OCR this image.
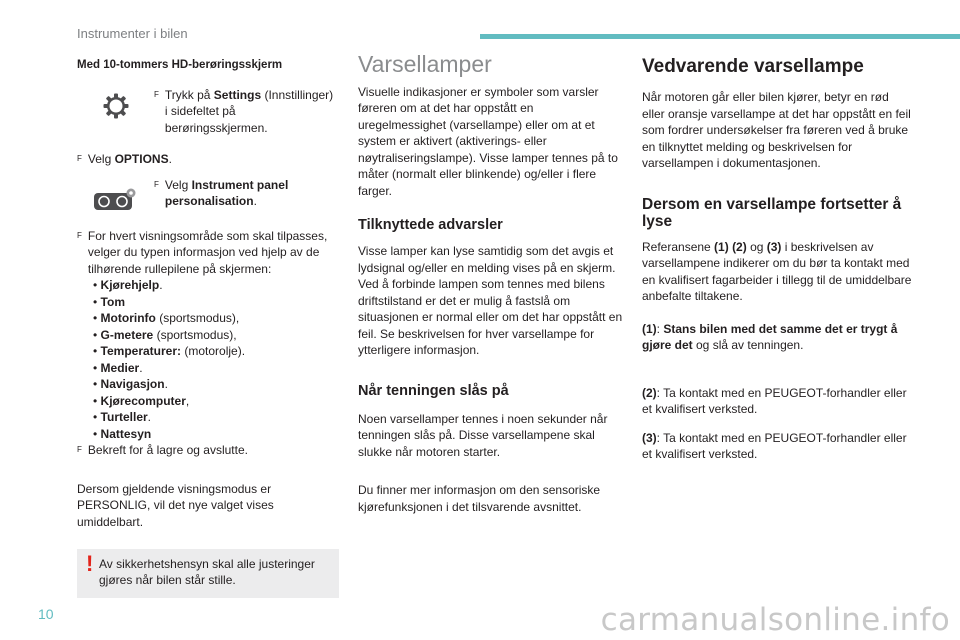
Instrumenter i bilen
Med 10-tommers HD-berøringsskjerm
F Trykk på Settings (Innstillinger) i sidefeltet på berøringsskjermen.
F Velg OPTIONS.
F Velg Instrument panel personalisation.
F For hvert visningsområde som skal tilpasses, velger du typen informasjon ved hjelp av de tilhørende rullepilene på skjermen:
• Kjørehjelp.
• Tom
• Motorinfo (sportsmodus),
• G-metere (sportsmodus),
• Temperaturer: (motorolje).
• Medier.
• Navigasjon.
• Kjørecomputer,
• Turteller.
• Nattesyn
F Bekreft for å lagre og avslutte.

Dersom gjeldende visningsmodus er PERSONLIG, vil det nye valget vises umiddelbart.

! Av sikkerhetshensyn skal alle justeringer gjøres når bilen står stille.
Varsellamper

Visuelle indikasjoner er symboler som varsler føreren om at det har oppstått en uregelmessighet (varsellampe) eller om at et system er aktivert (aktiverings- eller nøytraliseringslampe). Visse lamper tennes på to måter (normalt eller blinkende) og/eller i flere farger.

Tilknyttede advarsler

Visse lamper kan lyse samtidig som det avgis et lydsignal og/eller en melding vises på en skjerm.

Ved å forbinde lampen som tennes med bilens driftstilstand er det er mulig å fastslå om situasjonen er normal eller om det har oppstått en feil. Se beskrivelsen for hver varsellampe for ytterligere informasjon.

Når tenningen slås på

Noen varsellamper tennes i noen sekunder når tenningen slås på. Disse varsellampene skal slukke når motoren starter.

Du finner mer informasjon om den sensoriske kjørefunksjonen i det tilsvarende avsnittet.

Vedvarende varsellampe

Når motoren går eller bilen kjører, betyr en rød eller oransje varsellampe at det har oppstått en feil som fordrer undersøkelser fra føreren ved å bruke en tilknyttet melding og beskrivelsen for varsellampen i dokumentasjonen.

Dersom en varsellampe fortsetter å lyse

Referansene (1) (2) og (3) i beskrivelsen av varsellampene indikerer om du bør ta kontakt med en kvalifisert fagarbeider i tillegg til de umiddelbare anbefalte tiltakene.

(1): Stans bilen med det samme det er trygt å gjøre det og slå av tenningen.

(2): Ta kontakt med en PEUGEOT-forhandler eller et kvalifisert verksted.

(3): Ta kontakt med en PEUGEOT-forhandler eller et kvalifisert verksted.

10	carmanualsonline.info
